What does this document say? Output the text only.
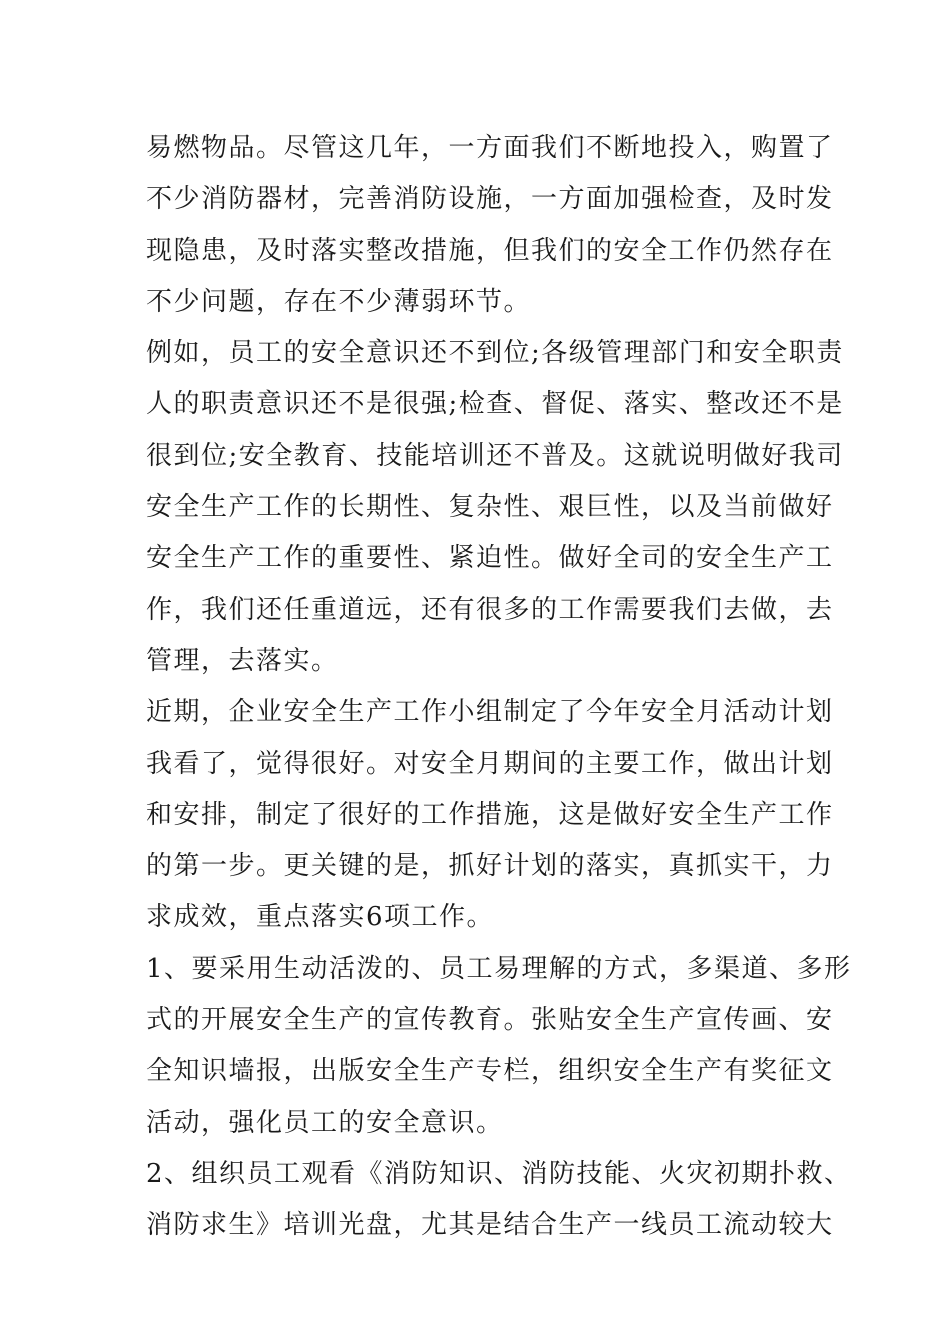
易燃物品。尽管这几年，一方面我们不断地投入，购置了
不少消防器材，完善消防设施，一方面加强检查，及时发
现隐患，及时落实整改措施，但我们的安全工作仍然存在
不少问题，存在不少薄弱环节。
例如，员工的安全意识还不到位;各级管理部门和安全职责
人的职责意识还不是很强;检查、督促、落实、整改还不是
很到位;安全教育、技能培训还不普及。这就说明做好我司
安全生产工作的长期性、复杂性、艰巨性，以及当前做好
安全生产工作的重要性、紧迫性。做好全司的安全生产工
作，我们还任重道远，还有很多的工作需要我们去做，去
管理，去落实。
近期，企业安全生产工作小组制定了今年安全月活动计划
我看了，觉得很好。对安全月期间的主要工作，做出计划
和安排，制定了很好的工作措施，这是做好安全生产工作
的第一步。更关键的是，抓好计划的落实，真抓实干，力
求成效，重点落实6项工作。
1、要采用生动活泼的、员工易理解的方式，多渠道、多形
式的开展安全生产的宣传教育。张贴安全生产宣传画、安
全知识墙报，出版安全生产专栏，组织安全生产有奖征文
活动，强化员工的安全意识。
2、组织员工观看《消防知识、消防技能、火灾初期扑救、
消防求生》培训光盘，尤其是结合生产一线员工流动较大
